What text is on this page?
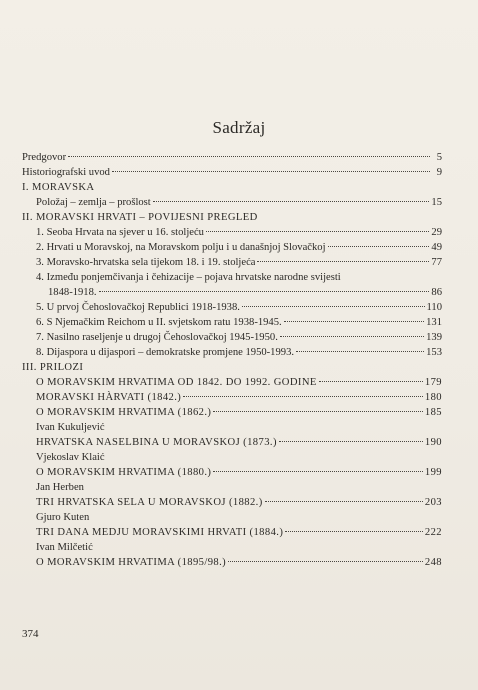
Sadržaj
Predgovor	5
Historiografski uvod	9
I. MORAVSKA
Položaj – zemlja – prošlost	15
II. MORAVSKI HRVATI – POVIJESNI PREGLED
1. Seoba Hrvata na sjever u 16. stoljeću	29
2. Hrvati u Moravskoj, na Moravskom polju i u današnjoj Slovačkoj	49
3. Moravsko-hrvatska sela tijekom 18. i 19. stoljeća	77
4. Između ponjemčivanja i čehizacije – pojava hrvatske narodne svijesti
1848-1918.	86
5. U prvoj Čehoslovačkoj Republici 1918-1938.	110
6. S Njemačkim Reichom u II. svjetskom ratu 1938-1945.	131
7. Nasilno raseljenje u drugoj Čehoslovačkoj 1945-1950.	139
8. Dijaspora u dijaspori – demokratske promjene 1950-1993.	153
III. PRILOZI
O MORAVSKIM HRVATIMA OD 1842. DO 1992. GODINE	179
MORAVSKI HÀRVATI (1842.)	180
O MORAVSKIM HRVATIMA (1862.)	185
Ivan Kukuljević
HRVATSKA NASELBINA U MORAVSKOJ (1873.)	190
Vjekoslav Klaić
O MORAVSKIM HRVATIMA (1880.)	199
Jan Herben
TRI HRVATSKA SELA U MORAVSKOJ (1882.)	203
Gjuro Kuten
TRI DANA MEDJU MORAVSKIMI HRVATI (1884.)	222
Ivan Milčetić
O MORAVSKIM HRVATIMA (1895/98.)	248
374
